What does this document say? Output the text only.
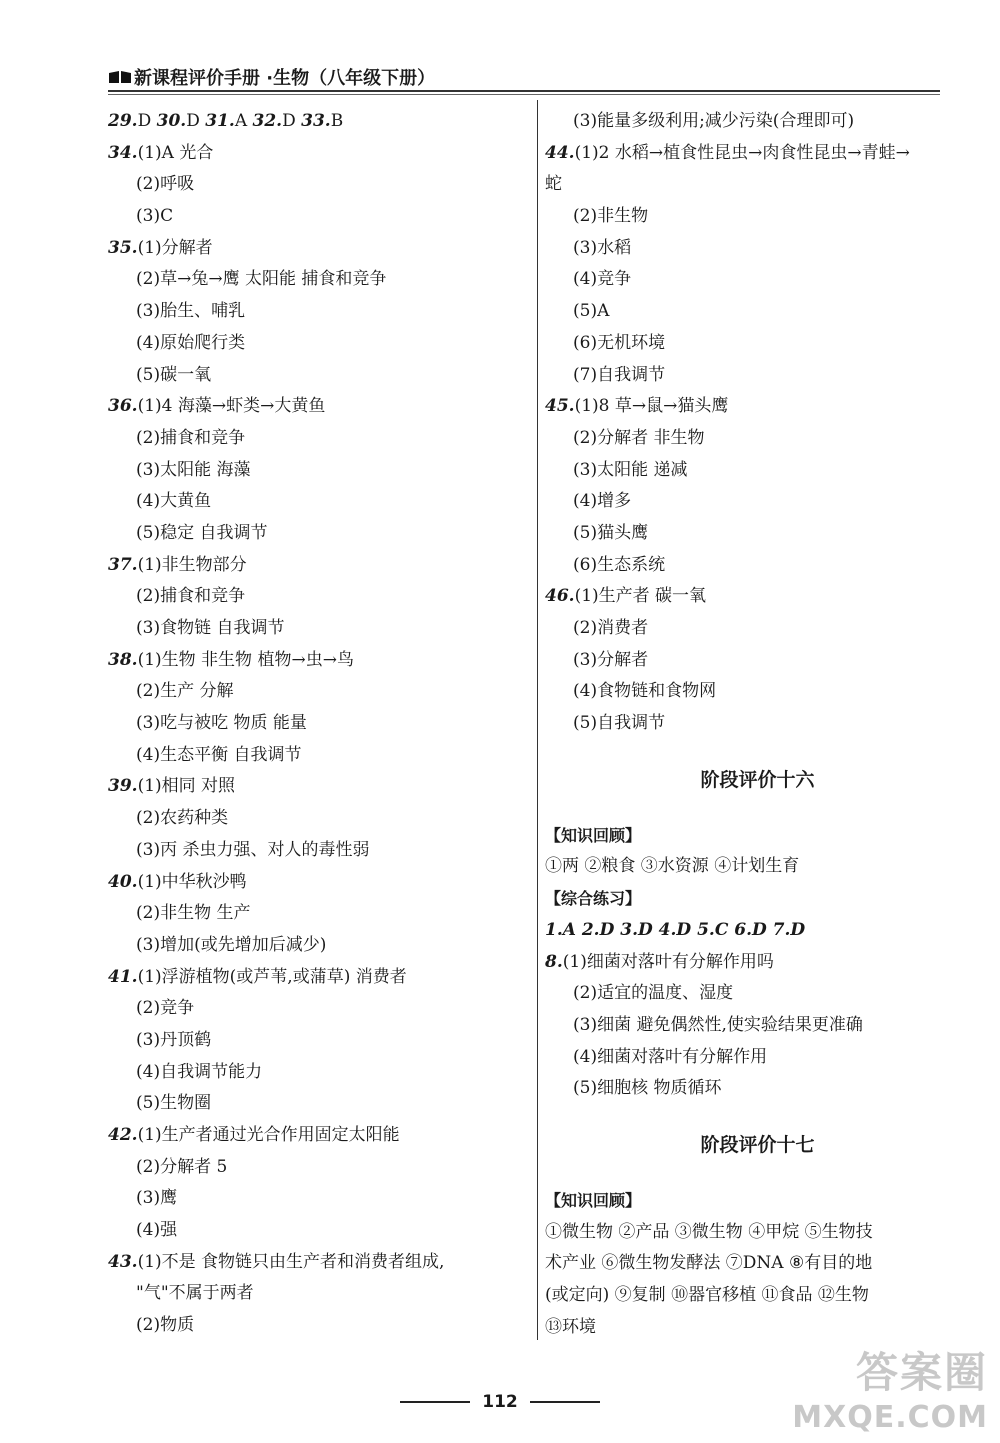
新课程评价手册 · 生物 （八年级下册）
29.D 30.D 31.A 32.D 33.B
34.(1)A 光合
(2)呼吸
(3)C
35.(1)分解者
(2)草→兔→鹰 太阳能 捕食和竞争
(3)胎生、哺乳
(4)原始爬行类
(5)碳一氧
36.(1)4 海藻→虾类→大黄鱼
(2)捕食和竞争
(3)太阳能 海藻
(4)大黄鱼
(5)稳定 自我调节
37.(1)非生物部分
(2)捕食和竞争
(3)食物链 自我调节
38.(1)生物 非生物 植物→虫→鸟
(2)生产 分解
(3)吃与被吃 物质 能量
(4)生态平衡 自我调节
39.(1)相同 对照
(2)农药种类
(3)丙 杀虫力强、对人的毒性弱
40.(1)中华秋沙鸭
(2)非生物 生产
(3)增加(或先增加后减少)
41.(1)浮游植物(或芦苇,或蒲草) 消费者
(2)竞争
(3)丹顶鹤
(4)自我调节能力
(5)生物圈
42.(1)生产者通过光合作用固定太阳能
(2)分解者 5
(3)鹰
(4)强
43.(1)不是 食物链只由生产者和消费者组成,
"气"不属于两者
(2)物质
(3)能量多级利用;减少污染(合理即可)
44.(1)2 水稻→植食性昆虫→肉食性昆虫→青蛙→
蛇
(2)非生物
(3)水稻
(4)竞争
(5)A
(6)无机环境
(7)自我调节
45.(1)8 草→鼠→猫头鹰
(2)分解者 非生物
(3)太阳能 递减
(4)增多
(5)猫头鹰
(6)生态系统
46.(1)生产者 碳一氧
(2)消费者
(3)分解者
(4)食物链和食物网
(5)自我调节
阶段评价十六
【知识回顾】
①两 ②粮食 ③水资源 ④计划生育
【综合练习】
1.A 2.D 3.D 4.D 5.C 6.D 7.D
8.(1)细菌对落叶有分解作用吗
(2)适宜的温度、湿度
(3)细菌 避免偶然性,使实验结果更准确
(4)细菌对落叶有分解作用
(5)细胞核 物质循环
阶段评价十七
【知识回顾】
①微生物 ②产品 ③微生物 ④甲烷 ⑤生物技
术产业 ⑥微生物发酵法 ⑦DNA ⑧有目的地
(或定向) ⑨复制 ⑩器官移植 ⑪食品 ⑫生物
⑬环境
112
答案圈
MXQE.COM
